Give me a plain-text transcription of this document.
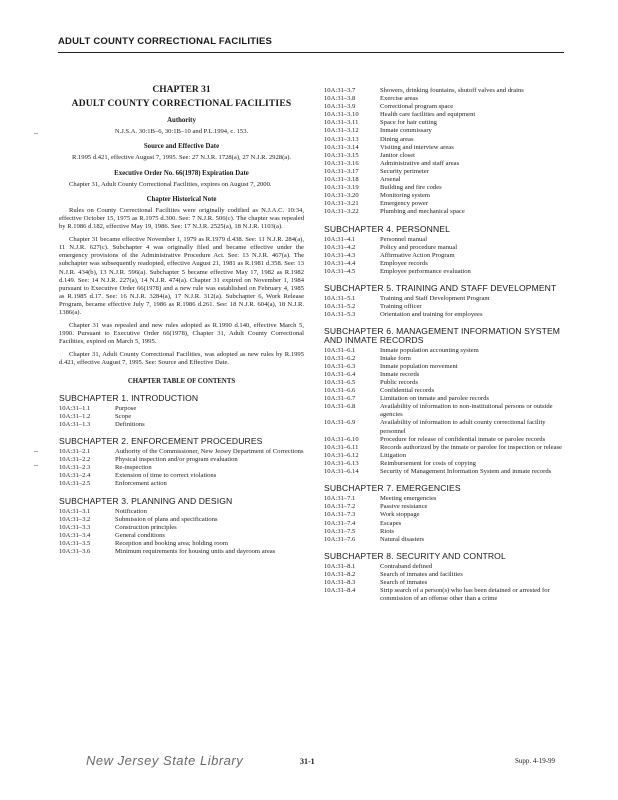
ADULT COUNTY CORRECTIONAL FACILITIES
‒
‒
‒
CHAPTER 31
ADULT COUNTY CORRECTIONAL FACILITIES
Authority

N.J.S.A. 30:1B–6, 30:1B–10 and P.L.1994, c. 153.

Source and Effective Date

R.1995 d.421, effective August 7, 1995. See: 27 N.J.R. 1728(a), 27 N.J.R. 2928(a).

Executive Order No. 66(1978) Expiration Date

Chapter 31, Adult County Correctional Facilities, expires on August 7, 2000.

Chapter Historical Note

Rules on County Correctional Facilities were originally codified as N.J.A.C. 10:34, effective October 15, 1975 as R.1975 d.300. See: 7 N.J.R. 506(c). The chapter was repealed by R.1986 d.182, effective May 19, 1986. See: 17 N.J.R. 2525(a), 18 N.J.R. 1103(a).

Chapter 31 became effective November 1, 1979 as R.1979 d.438. See: 11 N.J.R. 284(a), 11 N.J.R. 627(c). Subchapter 4 was originally filed and became effective under the emergency provisions of the Administrative Procedure Act. See: 13 N.J.R. 467(a). The subchapter was subsequently readopted, effective August 21, 1981 as R.1981 d.358. See: 13 N.J.R. 434(b), 13 N.J.R. 596(a). Subchapter 5 became effective May 17, 1982 as R.1982 d.149. See: 14 N.J.R. 227(a), 14 N.J.R. 474(a). Chapter 31 expired on November 1, 1984 pursuant to Executive Order 66(1978) and a new rule was established on February 4, 1985 as R.1985 d.17. See: 16 N.J.R. 3284(a), 17 N.J.R. 312(a). Subchapter 6, Work Release Program, became effective July 7, 1986 as R.1986 d.261. See: 18 N.J.R. 604(a), 18 N.J.R. 1386(a).

Chapter 31 was repealed and new rules adopted as R.1990 d.140, effective March 5, 1990. Pursuant to Executive Order 66(1978), Chapter 31, Adult County Correctional Facilities, expired on March 5, 1995.

Chapter 31, Adult County Correctional Facilities, was adopted as new rules by R.1995 d.421, effective August 7, 1995. See: Source and Effective Date.

CHAPTER TABLE OF CONTENTS
SUBCHAPTER 1. INTRODUCTION
10A:31–1.1	Purpose
10A:31–1.2	Scope
10A:31–1.3	Definitions
SUBCHAPTER 2. ENFORCEMENT PROCEDURES
10A:31–2.1	Authority of the Commissioner, New Jersey Department of Corrections
10A:31–2.2	Physical inspection and/or program evaluation
10A:31–2.3	Re-inspection
10A:31–2.4	Extension of time to correct violations
10A:31–2.5	Enforcement action
SUBCHAPTER 3. PLANNING AND DESIGN
10A:31–3.1	Notification
10A:31–3.2	Submission of plans and specifications
10A:31–3.3	Construction principles
10A:31–3.4	General conditions
10A:31–3.5	Reception and booking area; holding room
10A:31–3.6	Minimum requirements for housing units and dayroom areas
10A:31–3.7	Showers, drinking fountains, shutoff valves and drains
10A:31–3.8	Exercise areas
10A:31–3.9	Correctional program space
10A:31–3.10	Health care facilities and equipment
10A:31–3.11	Space for hair cutting
10A:31–3.12	Inmate commissary
10A:31–3.13	Dining areas
10A:31–3.14	Visiting and interview areas
10A:31–3.15	Janitor closet
10A:31–3.16	Administrative and staff areas
10A:31–3.17	Security perimeter
10A:31–3.18	Arsenal
10A:31–3.19	Building and fire codes
10A:31–3.20	Monitoring system
10A:31–3.21	Emergency power
10A:31–3.22	Plumbing and mechanical space
SUBCHAPTER 4. PERSONNEL
10A:31–4.1	Personnel manual
10A:31–4.2	Policy and procedure manual
10A:31–4.3	Affirmative Action Program
10A:31–4.4	Employee records
10A:31–4.5	Employee performance evaluation
SUBCHAPTER 5. TRAINING AND STAFF DEVELOPMENT
10A:31–5.1	Training and Staff Development Program
10A:31–5.2	Training officer
10A:31–5.3	Orientation and training for employees
SUBCHAPTER 6. MANAGEMENT INFORMATION SYSTEM AND INMATE RECORDS
10A:31–6.1	Inmate population accounting system
10A:31–6.2	Intake form
10A:31–6.3	Inmate population movement
10A:31–6.4	Inmate records
10A:31–6.5	Public records
10A:31–6.6	Confidential records
10A:31–6.7	Limitation on inmate and parolee records
10A:31–6.8	Availability of information to non-institutional persons or outside agencies
10A:31–6.9	Availability of information to adult county correctional facility personnel
10A:31–6.10	Procedure for release of confidential inmate or parolee records
10A:31–6.11	Records authorized by the inmate or parolee for inspection or release
10A:31–6.12	Litigation
10A:31–6.13	Reimbursement for costs of copying
10A:31–6.14	Security of Management Information System and inmate records
SUBCHAPTER 7. EMERGENCIES
10A:31–7.1	Meeting emergencies
10A:31–7.2	Passive resistance
10A:31–7.3	Work stoppage
10A:31–7.4	Escapes
10A:31–7.5	Riots
10A:31–7.6	Natural disasters
SUBCHAPTER 8. SECURITY AND CONTROL
10A:31–8.1	Contraband defined
10A:31–8.2	Search of inmates and facilities
10A:31–8.3	Search of inmates
10A:31–8.4	Strip search of a person(s) who has been detained or arrested for commission of an offense other than a crime
New Jersey State Library	31-1	Supp. 4-19-99
